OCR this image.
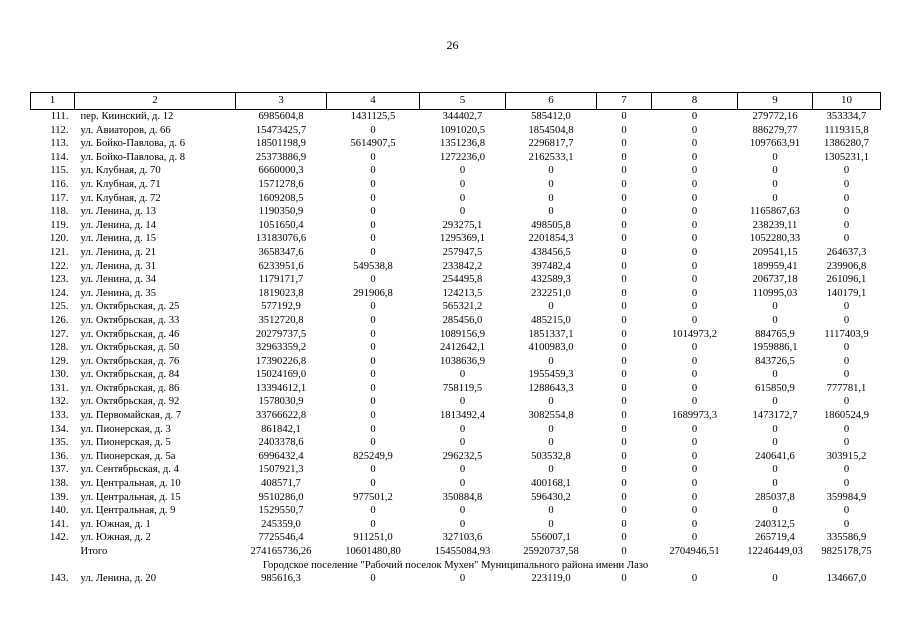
26
1	2	3	4	5	6	7	8	9	10
111.	пер. Киинский, д. 12	6985604,8	1431125,5	344402,7	585412,0	0	0	279772,16	353334,7
112.	ул. Авиаторов, д. 66	15473425,7	0	1091020,5	1854504,8	0	0	886279,77	1119315,8
113.	ул. Бойко-Павлова, д. 6	18501198,9	5614907,5	1351236,8	2296817,7	0	0	1097663,91	1386280,7
114.	ул. Бойко-Павлова, д. 8	25373886,9	0	1272236,0	2162533,1	0	0	0	1305231,1
115.	ул. Клубная, д. 70	6660000,3	0	0	0	0	0	0	0
116.	ул. Клубная, д. 71	1571278,6	0	0	0	0	0	0	0
117.	ул. Клубная, д. 72	1609208,5	0	0	0	0	0	0	0
118.	ул. Ленина, д. 13	1190350,9	0	0	0	0	0	1165867,63	0
119.	ул. Ленина, д. 14	1051650,4	0	293275,1	498505,8	0	0	238239,11	0
120.	ул. Ленина, д. 15	13183076,6	0	1295369,1	2201854,3	0	0	1052280,33	0
121.	ул. Ленина, д. 21	3658347,6	0	257947,5	438456,5	0	0	209541,15	264637,3
122.	ул. Ленина, д. 31	6233951,6	549538,8	233842,2	397482,4	0	0	189959,41	239906,8
123.	ул. Ленина, д. 34	1179171,7	0	254495,8	432589,3	0	0	206737,18	261096,1
124.	ул. Ленина, д. 35	1819023,8	291906,8	124213,5	232251,0	0	0	110995,03	140179,1
125.	ул. Октябрьская, д. 25	577192,9	0	565321,2	0	0	0	0	0
126.	ул. Октябрьская, д. 33	3512720,8	0	285456,0	485215,0	0	0	0	0
127.	ул. Октябрьская, д. 46	20279737,5	0	1089156,9	1851337,1	0	1014973,2	884765,9	1117403,9
128.	ул. Октябрьская, д. 50	32963359,2	0	2412642,1	4100983,0	0	0	1959886,1	0
129.	ул. Октябрьская, д. 76	17390226,8	0	1038636,9	0	0	0	843726,5	0
130.	ул. Октябрьская, д. 84	15024169,0	0	0	1955459,3	0	0	0	0
131.	ул. Октябрьская, д. 86	13394612,1	0	758119,5	1288643,3	0	0	615850,9	777781,1
132.	ул. Октябрьская, д. 92	1578030,9	0	0	0	0	0	0	0
133.	ул. Первомайская, д. 7	33766622,8	0	1813492,4	3082554,8	0	1689973,3	1473172,7	1860524,9
134.	ул. Пионерская, д. 3	861842,1	0	0	0	0	0	0	0
135.	ул. Пионерская, д. 5	2403378,6	0	0	0	0	0	0	0
136.	ул. Пионерская, д. 5а	6996432,4	825249,9	296232,5	503532,8	0	0	240641,6	303915,2
137.	ул. Сентябрьская, д. 4	1507921,3	0	0	0	0	0	0	0
138.	ул. Центральная, д. 10	408571,7	0	0	400168,1	0	0	0	0
139.	ул. Центральная, д. 15	9510286,0	977501,2	350884,8	596430,2	0	0	285037,8	359984,9
140.	ул. Центральная, д. 9	1529550,7	0	0	0	0	0	0	0
141.	ул. Южная, д. 1	245359,0	0	0	0	0	0	240312,5	0
142.	ул. Южная, д. 2	7725546,4	911251,0	327103,6	556007,1	0	0	265719,4	335586,9
	Итого	274165736,26	10601480,80	15455084,93	25920737,58	0	2704946,51	12246449,03	9825178,75
Городское поселение "Рабочий поселок Мухен" Муниципального района имени Лазо									
143.	ул. Ленина, д. 20	985616,3	0	0	223119,0	0	0	0	134667,0
